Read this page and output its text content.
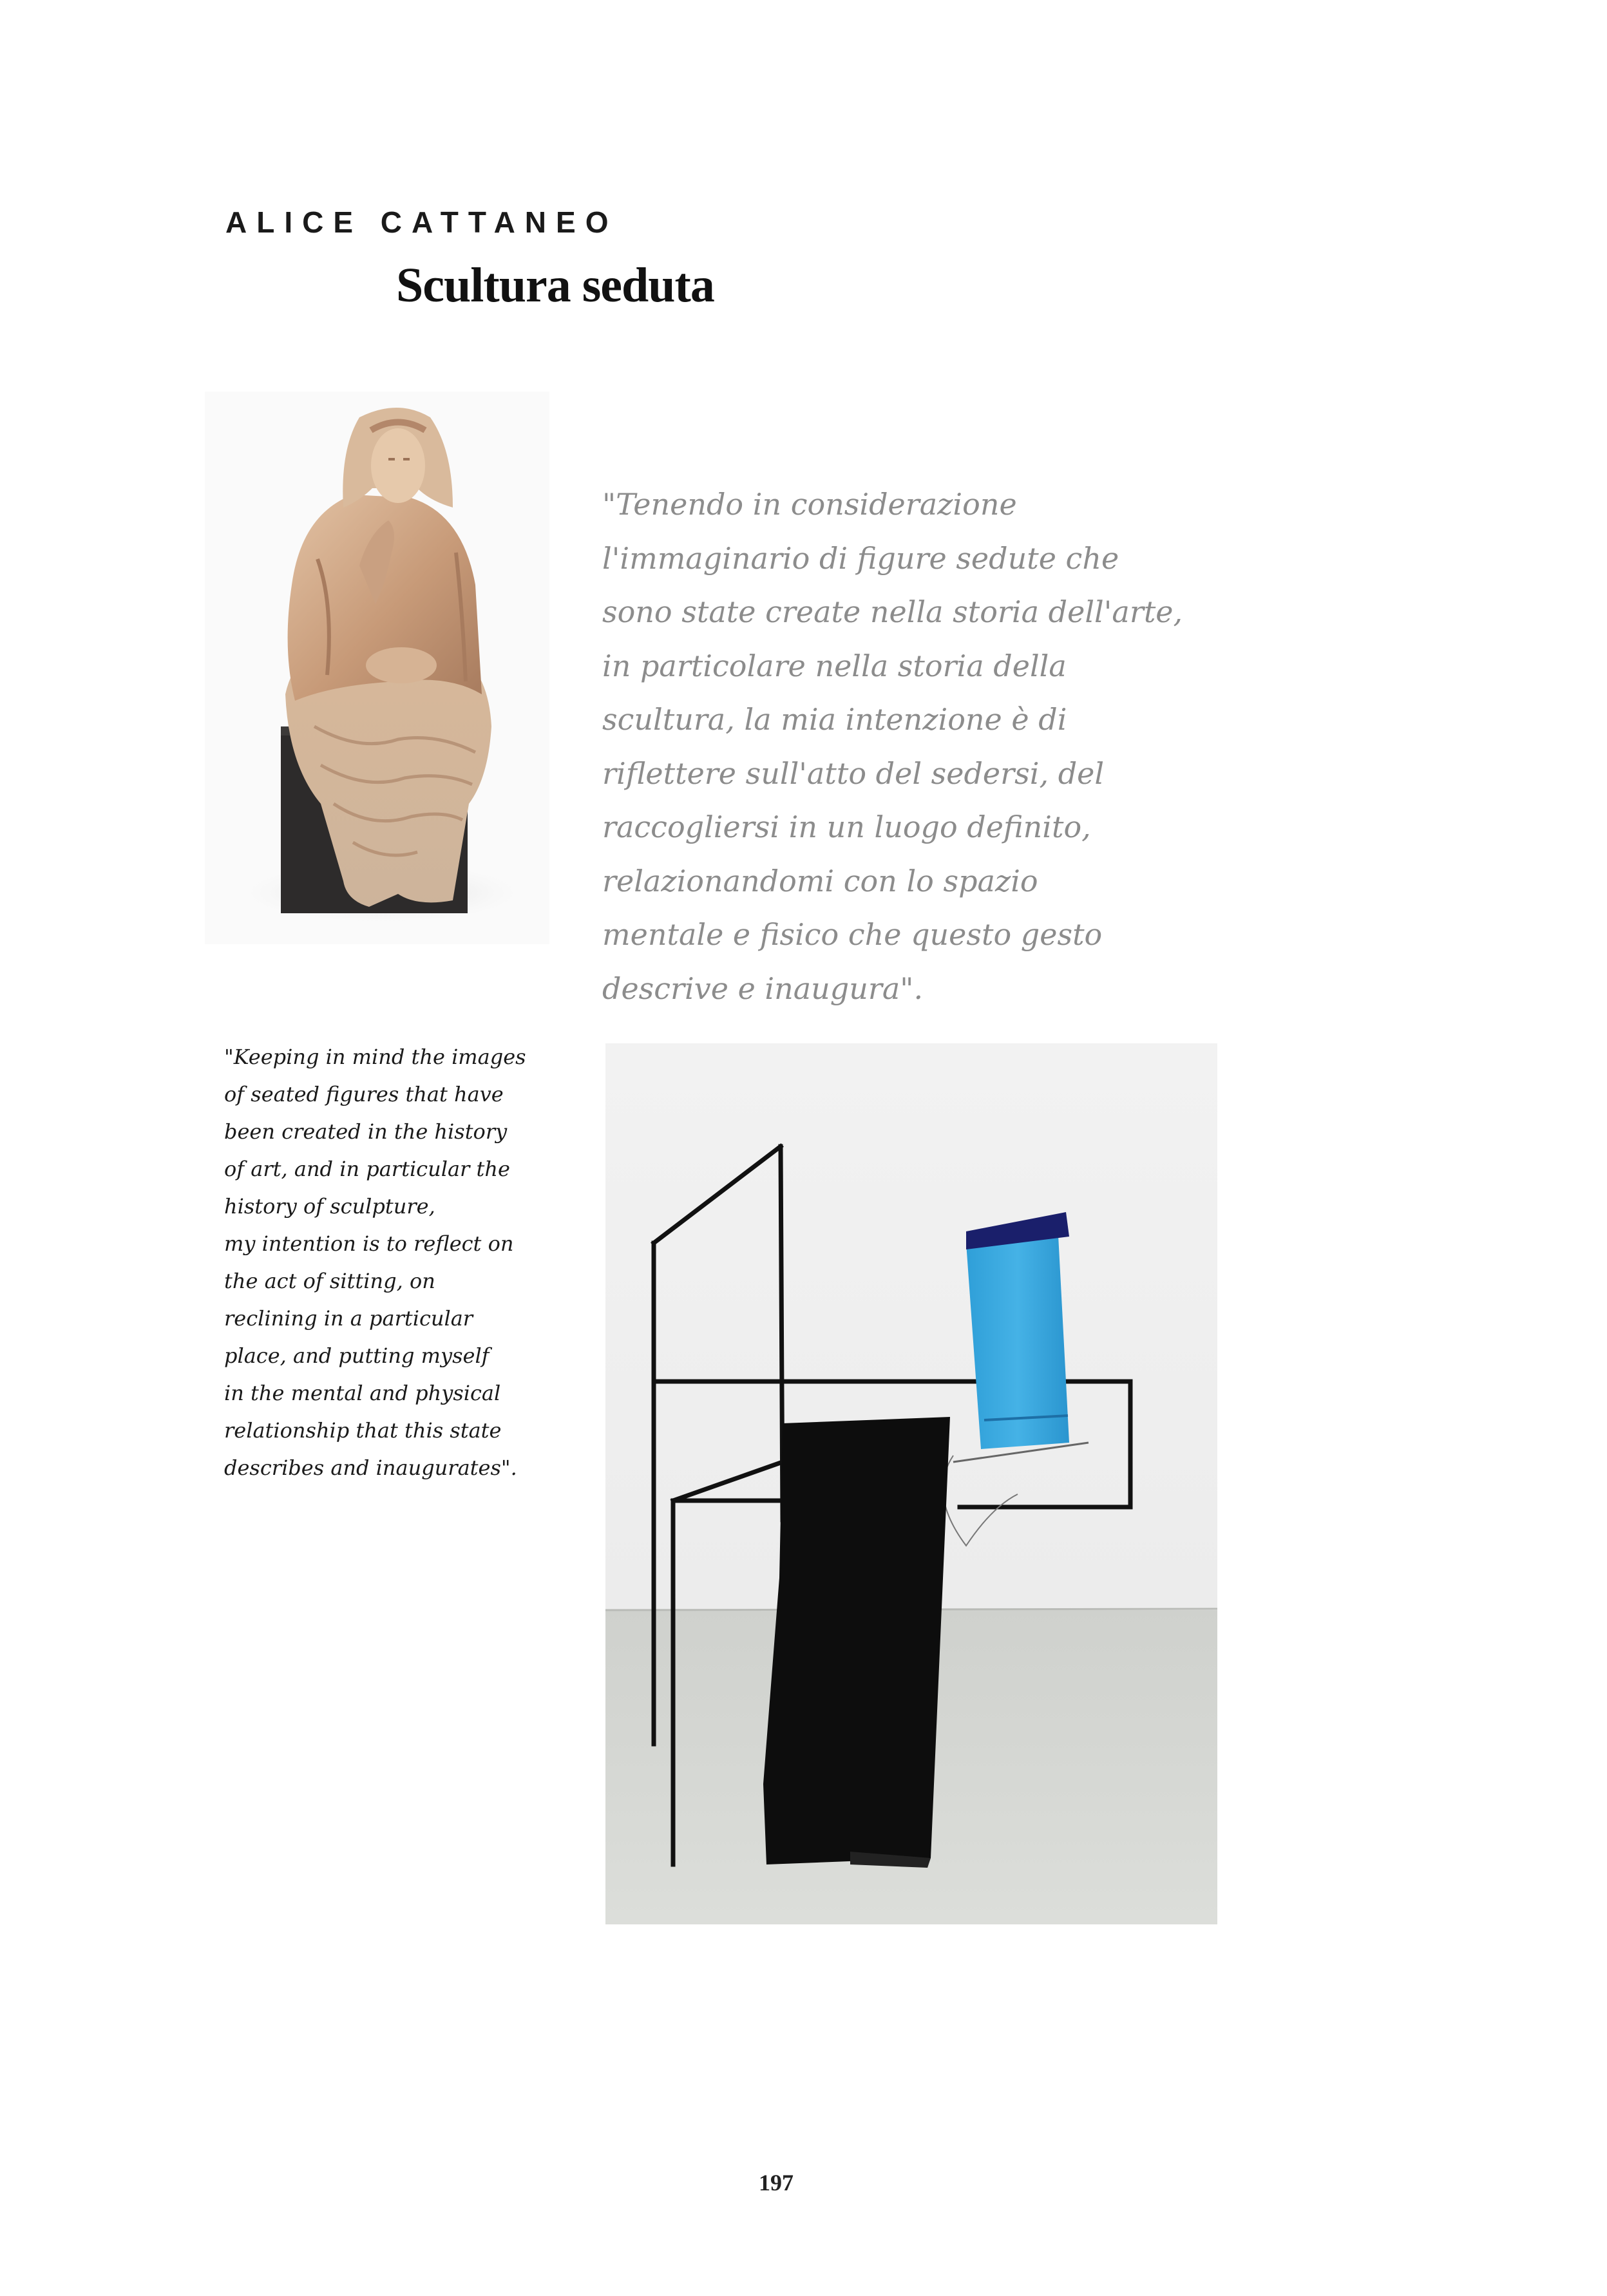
ALICE CATTANEO
Scultura seduta
"Tenendo in considerazione
l'immaginario di figure sedute che
sono state create nella storia dell'arte,
in particolare nella storia della
scultura, la mia intenzione è di
riflettere sull'atto del sedersi, del
raccogliersi in un luogo definito,
relazionandomi con lo spazio
mentale e fisico che questo gesto
descrive e inaugura".
"Keeping in mind the images
of seated figures that have
been created in the history
of art, and in particular the
history of sculpture,
my intention is to reflect on
the act of sitting, on
reclining in a particular
place, and putting myself
in the mental and physical
relationship that this state
describes and inaugurates".
197
